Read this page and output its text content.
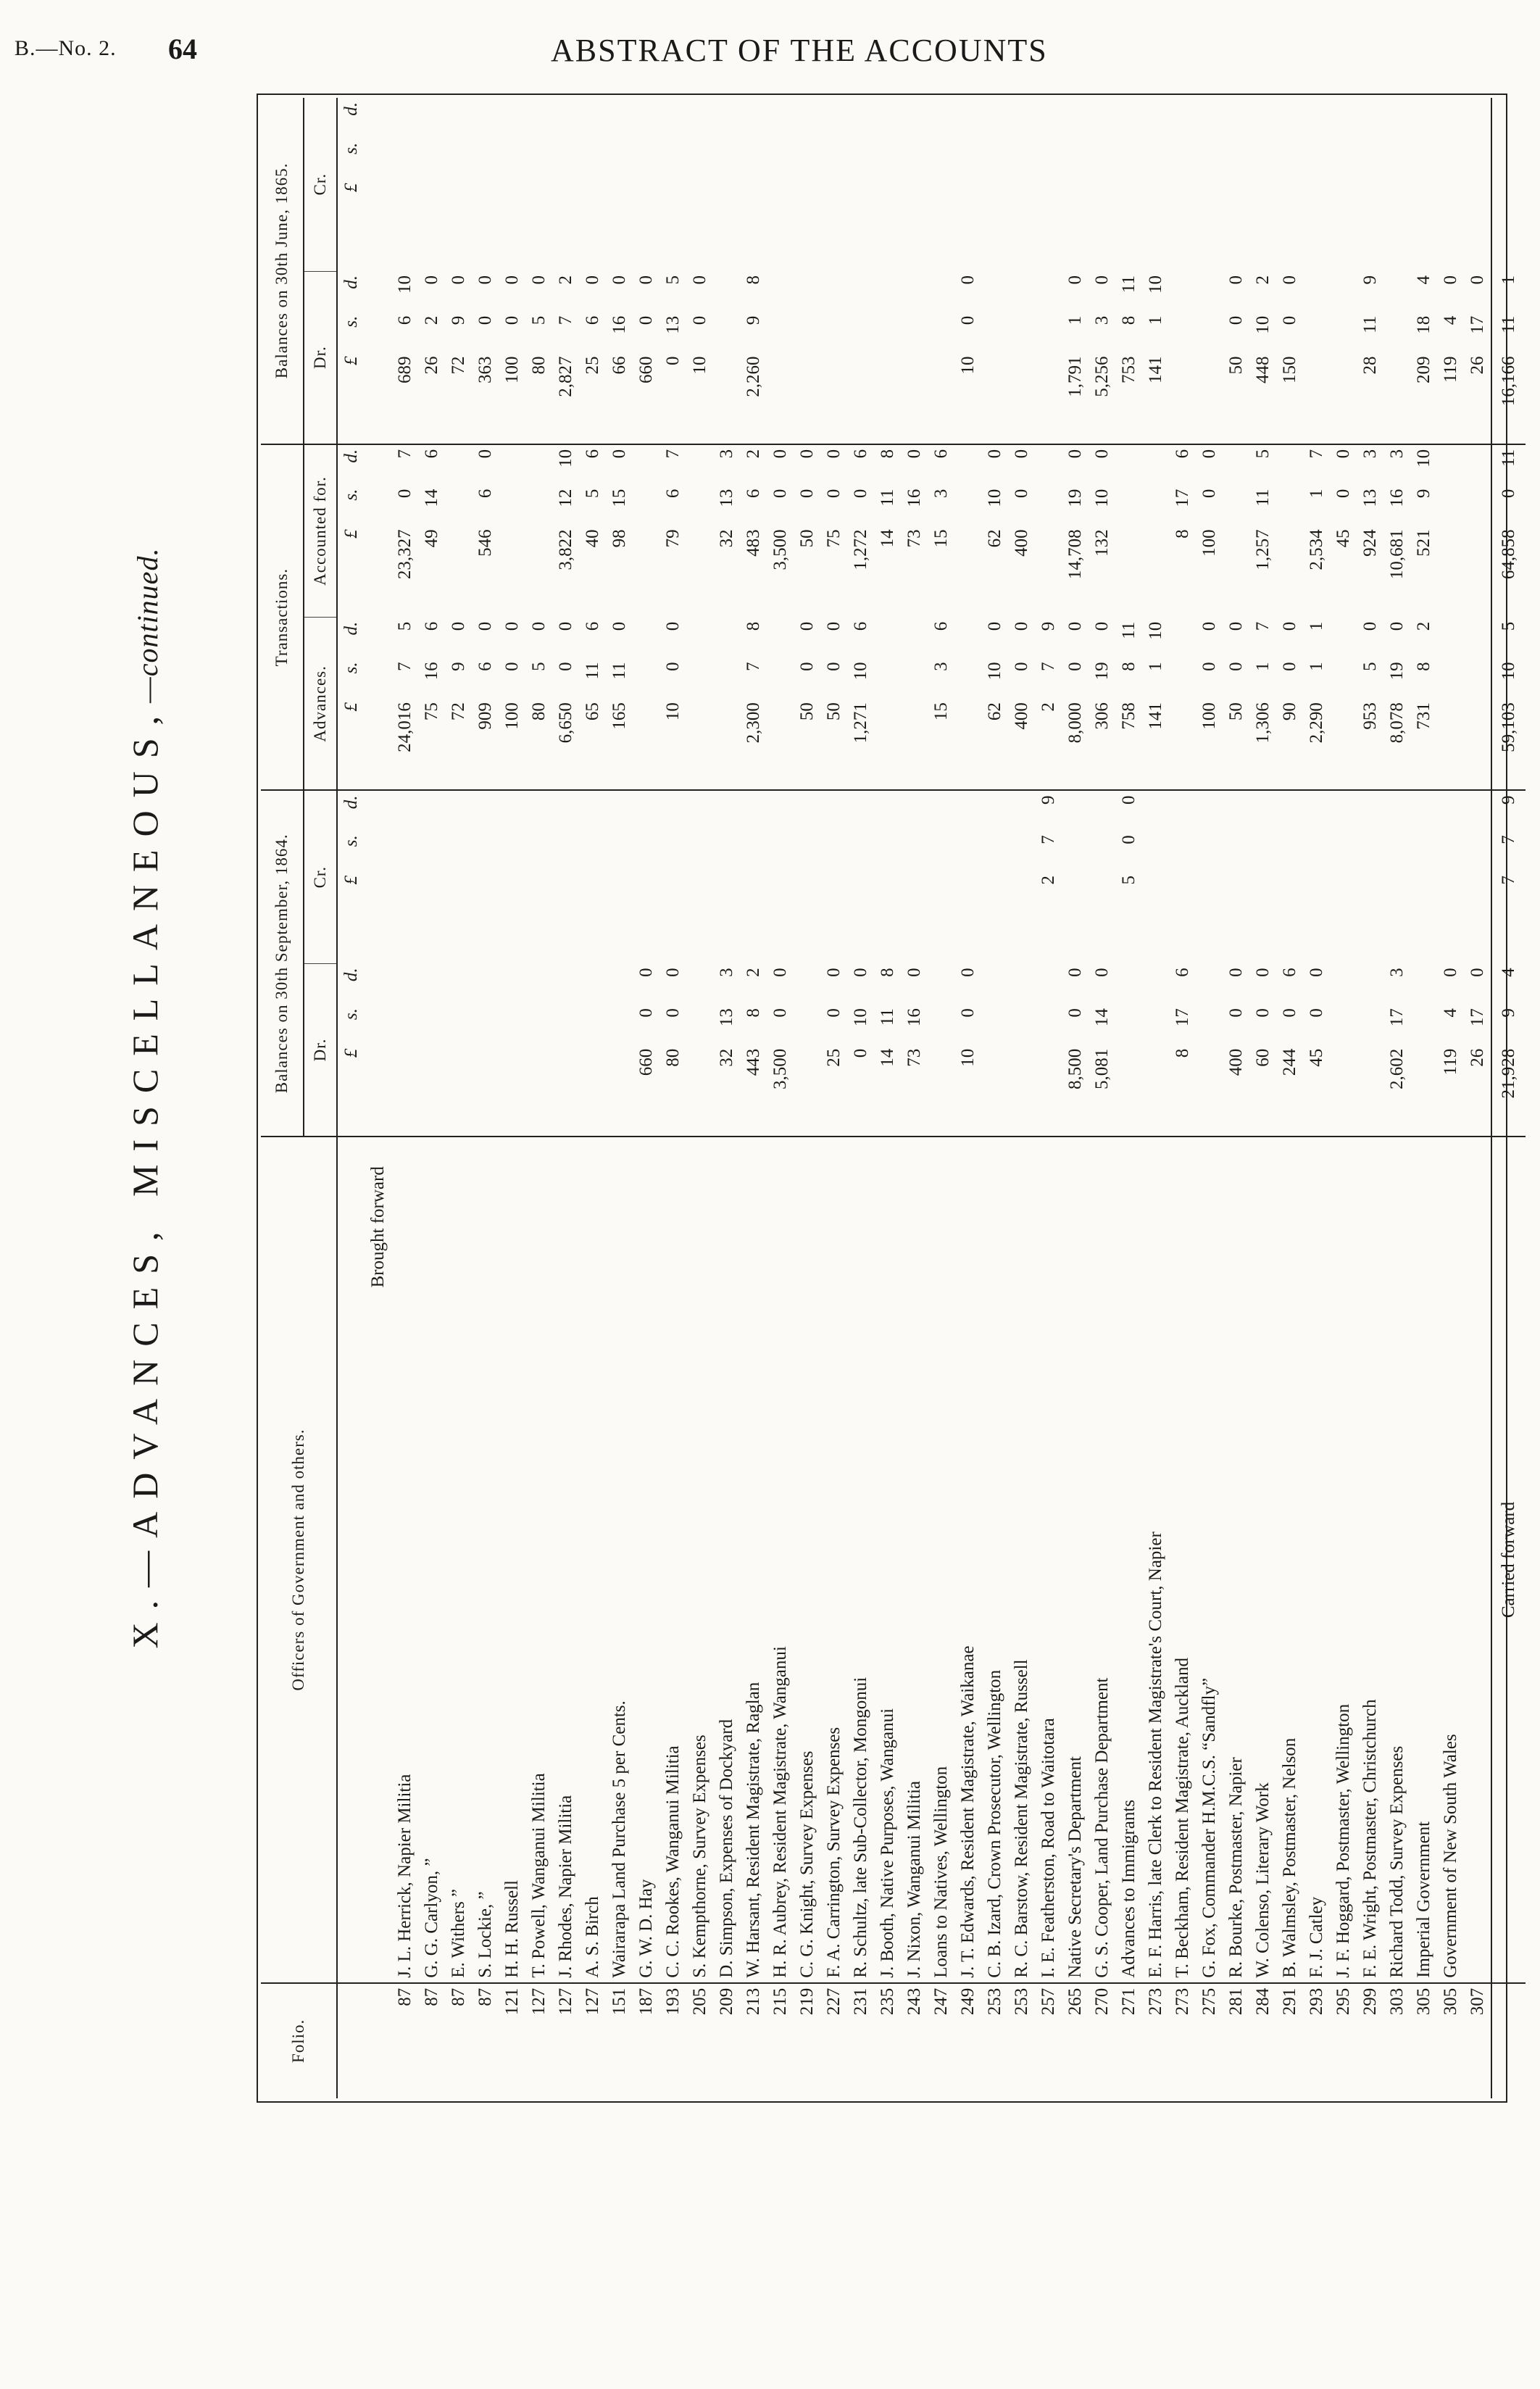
B.—No. 2. 64	ABSTRACT OF THE ACCOUNTS
X.—ADVANCES, MISCELLANEOUS,—continued.
Folio.	Officers of Government and others.	Balances on 30th September, 1864.						Transactions.						Balances on 30th June, 1865.					
		Dr.			Cr.			Advances.			Accounted for.			Dr.			Cr.		
		£	s.	d.	£	s.	d.	£	s.	d.	£	s.	d.	£	s.	d.	£	s.	d.
	Brought forward																		
87	J. L. Herrick, Napier Militia							24,016	7	5	23,327	0	7	689	6	10			
87	G. G. Carlyon, ”							75	16	6	49	14	6	26	2	0			
87	E. Withers ”							72	9	0				72	9	0			
87	S. Lockie, ”							909	6	0	546	6	0	363	0	0			
121	H. H. Russell							100	0	0				100	0	0			
127	T. Powell, Wanganui Militia							80	5	0				80	5	0			
127	J. Rhodes, Napier Militia							6,650	0	0	3,822	12	10	2,827	7	2			
127	A. S. Birch							65	11	6	40	5	6	25	6	0			
151	Wairarapa Land Purchase 5 per Cents.							165	11	0	98	15	0	66	16	0			
187	G. W. D. Hay	660	0	0										660	0	0			
193	C. C. Rookes, Wanganui Militia	80	0	0				10	0	0	79	6	7	0	13	5			
205	S. Kempthorne, Survey Expenses													10	0	0			
209	D. Simpson, Expenses of Dockyard	32	13	3							32	13	3						
213	W. Harsant, Resident Magistrate, Raglan	443	8	2				2,300	7	8	483	6	2	2,260	9	8			
215	H. R. Aubrey, Resident Magistrate, Wanganui	3,500	0	0							3,500	0	0						
219	C. G. Knight, Survey Expenses							50	0	0	50	0	0						
227	F. A. Carrington, Survey Expenses	25	0	0				50	0	0	75	0	0						
231	R. Schultz, late Sub-Collector, Mongonui	0	10	0				1,271	10	6	1,272	0	6						
235	J. Booth, Native Purposes, Wanganui	14	11	8							14	11	8						
243	J. Nixon, Wanganui Militia	73	16	0							73	16	0						
247	Loans to Natives, Wellington							15	3	6	15	3	6						
249	J. T. Edwards, Resident Magistrate, Waikanae	10	0	0										10	0	0			
253	C. B. Izard, Crown Prosecutor, Wellington							62	10	0	62	10	0						
253	R. C. Barstow, Resident Magistrate, Russell							400	0	0	400	0	0						
257	I. E. Featherston, Road to Waitotara				2	7	9	2	7	9									
265	Native Secretary's Department	8,500	0	0				8,000	0	0	14,708	19	0	1,791	1	0			
270	G. S. Cooper, Land Purchase Department	5,081	14	0				306	19	0	132	10	0	5,256	3	0			
271	Advances to Immigrants				5	0	0	758	8	11				753	8	11			
273	E. F. Harris, late Clerk to Resident Magistrate's Court, Napier							141	1	10				141	1	10			
273	T. Beckham, Resident Magistrate, Auckland	8	17	6							8	17	6						
275	G. Fox, Commander H.M.C.S. “Sandfly”							100	0	0	100	0	0						
281	R. Bourke, Postmaster, Napier	400	0	0				50	0	0				50	0	0			
284	W. Colenso, Literary Work	60	0	0				1,306	1	7	1,257	11	5	448	10	2			
291	B. Walmsley, Postmaster, Nelson	244	0	6				90	0	0				150	0	0			
293	F. J. Catley	45	0	0				2,290	1	1	2,534	1	7						
295	J. F. Hoggard, Postmaster, Wellington										45	0	0						
299	F. E. Wright, Postmaster, Christchurch							953	5	0	924	13	3	28	11	9			
303	Richard Todd, Survey Expenses	2,602	17	3				8,078	19	0	10,681	16	3						
305	Imperial Government							731	8	2	521	9	10	209	18	4			
305	Government of New South Wales	119	4	0										119	4	0			
307		26	17	0										26	17	0			
	Carried forward	21,928	9	4	7	7	9	59,103	10	5	64,858	0	11	16,166	11	1			
